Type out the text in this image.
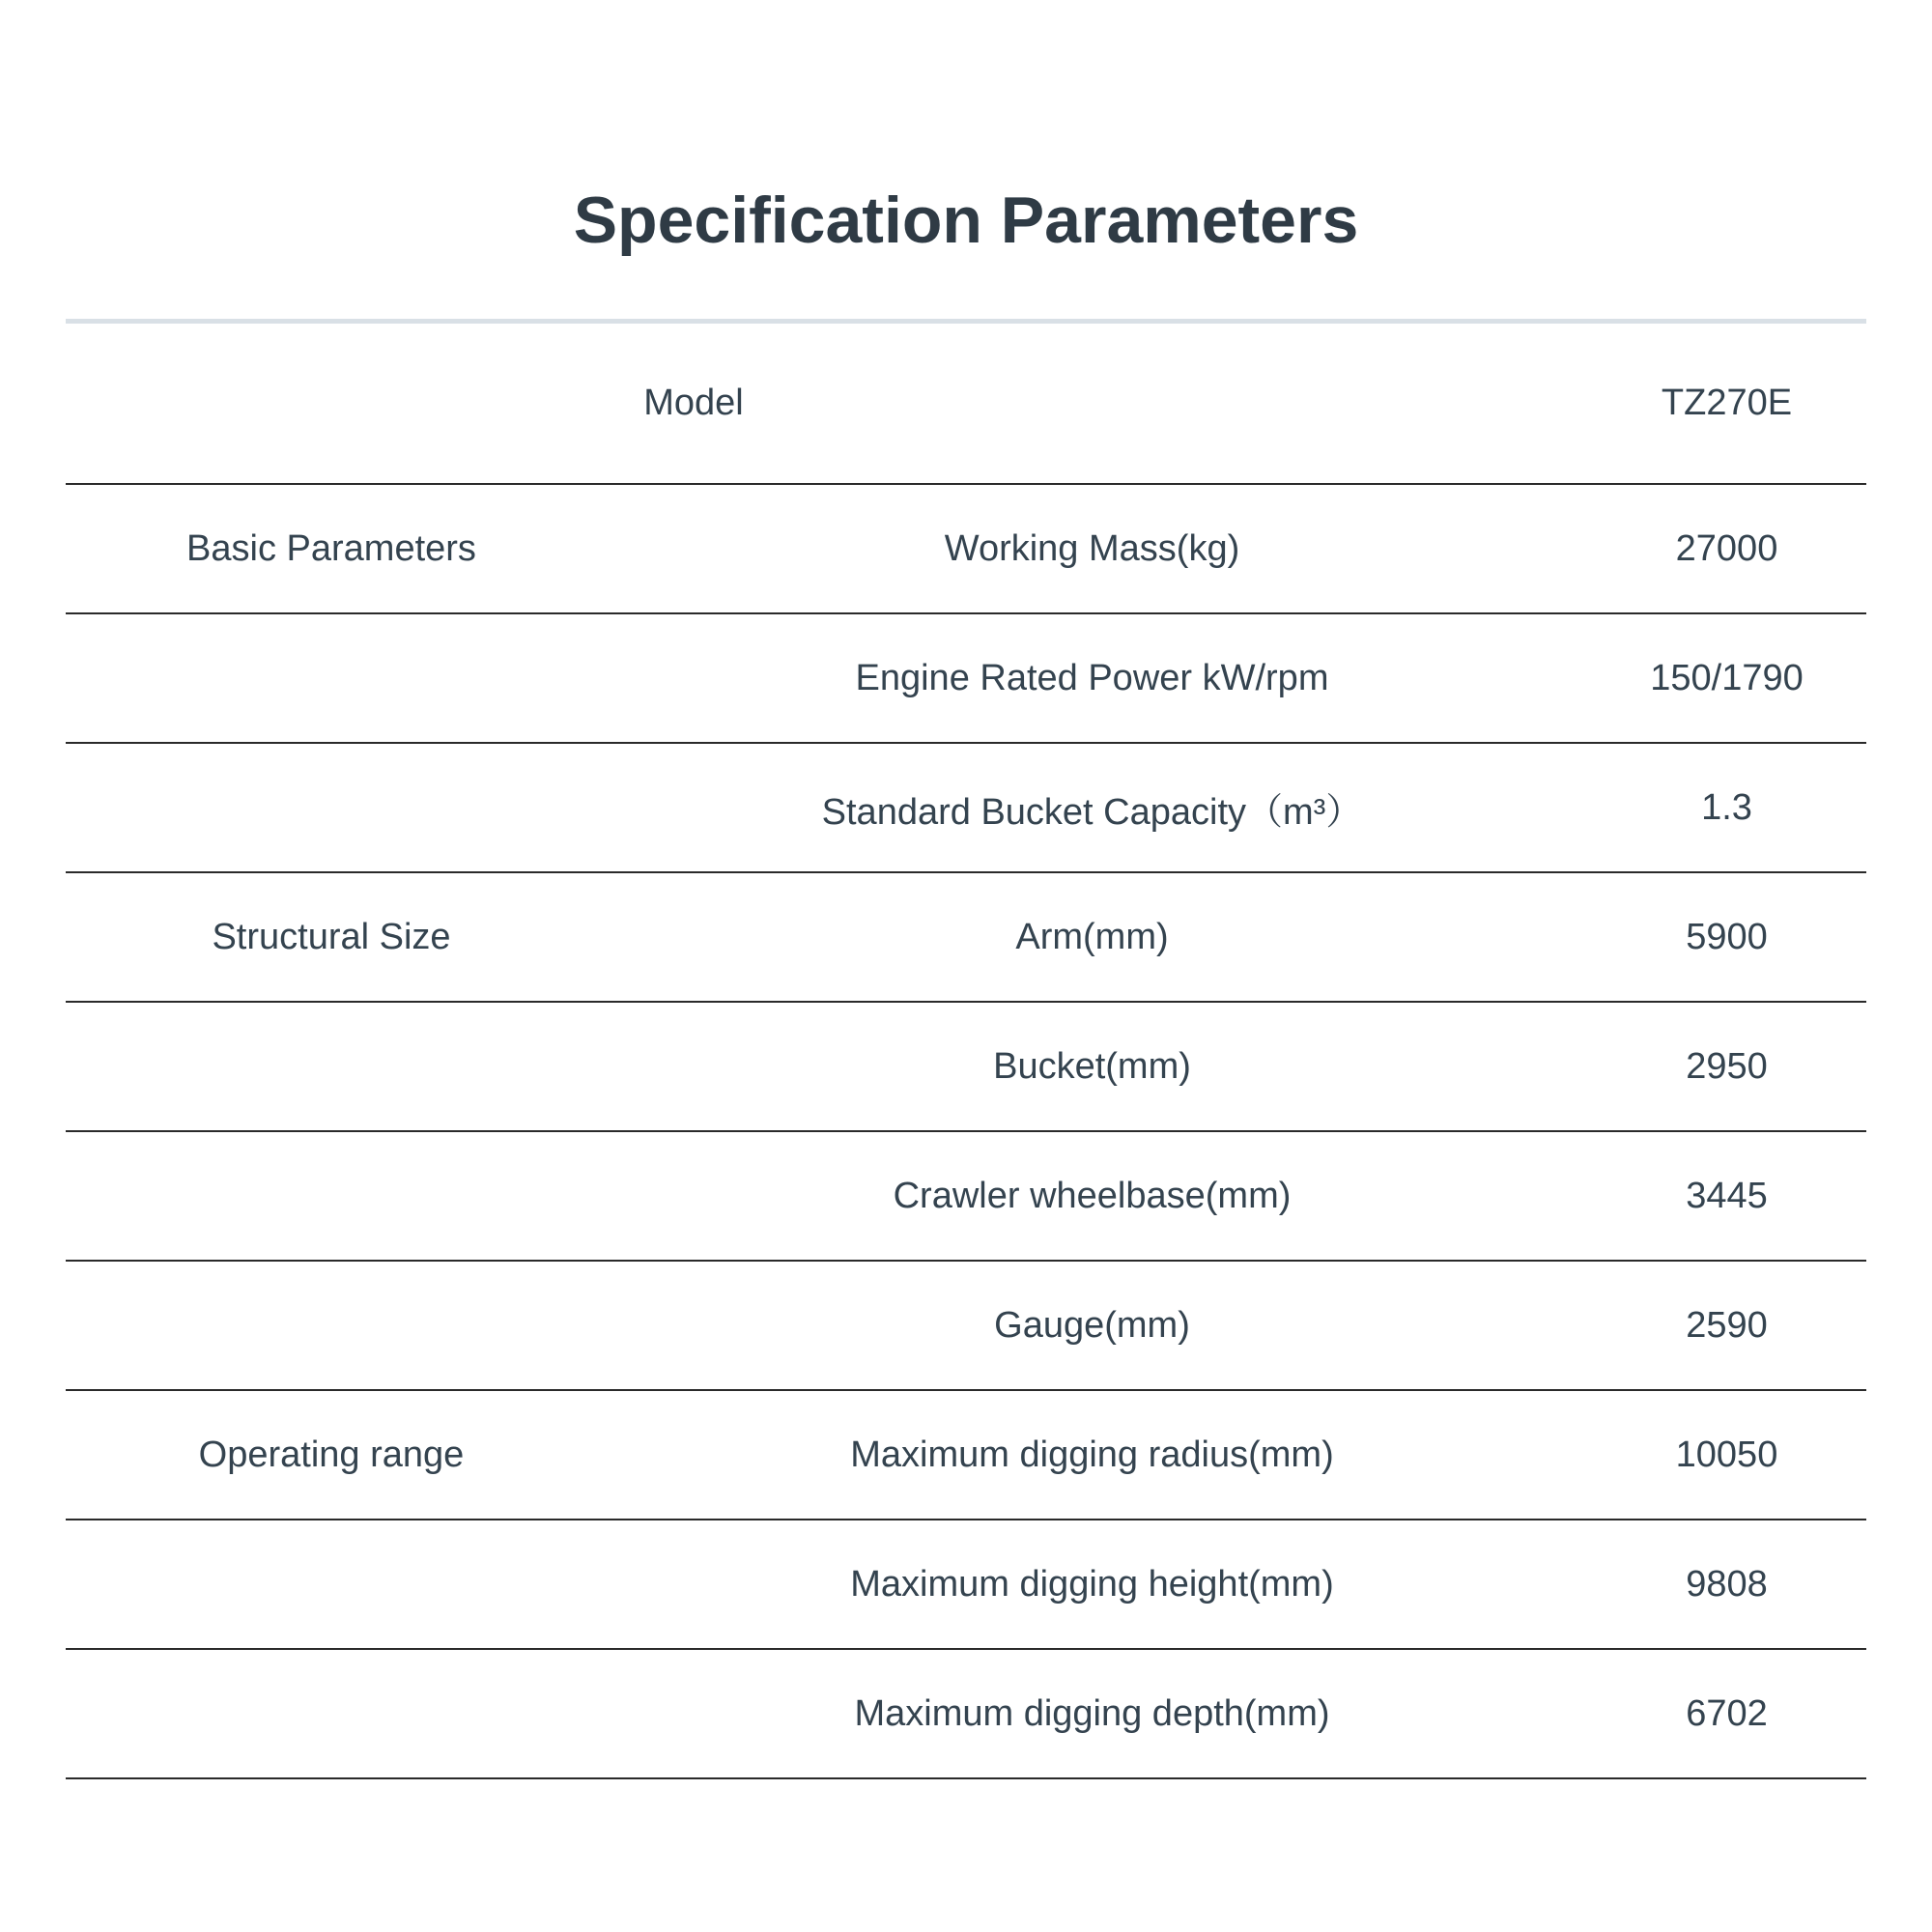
Specification Parameters
Model		TZ270E
Basic Parameters	Working Mass(kg)	27000
	Engine Rated Power kW/rpm	150/1790
	Standard Bucket Capacity（m³）	1.3
Structural Size	Arm(mm)	5900
	Bucket(mm)	2950
	Crawler wheelbase(mm)	3445
	Gauge(mm)	2590
Operating range	Maximum digging radius(mm)	10050
	Maximum digging height(mm)	9808
	Maximum digging depth(mm)	6702
